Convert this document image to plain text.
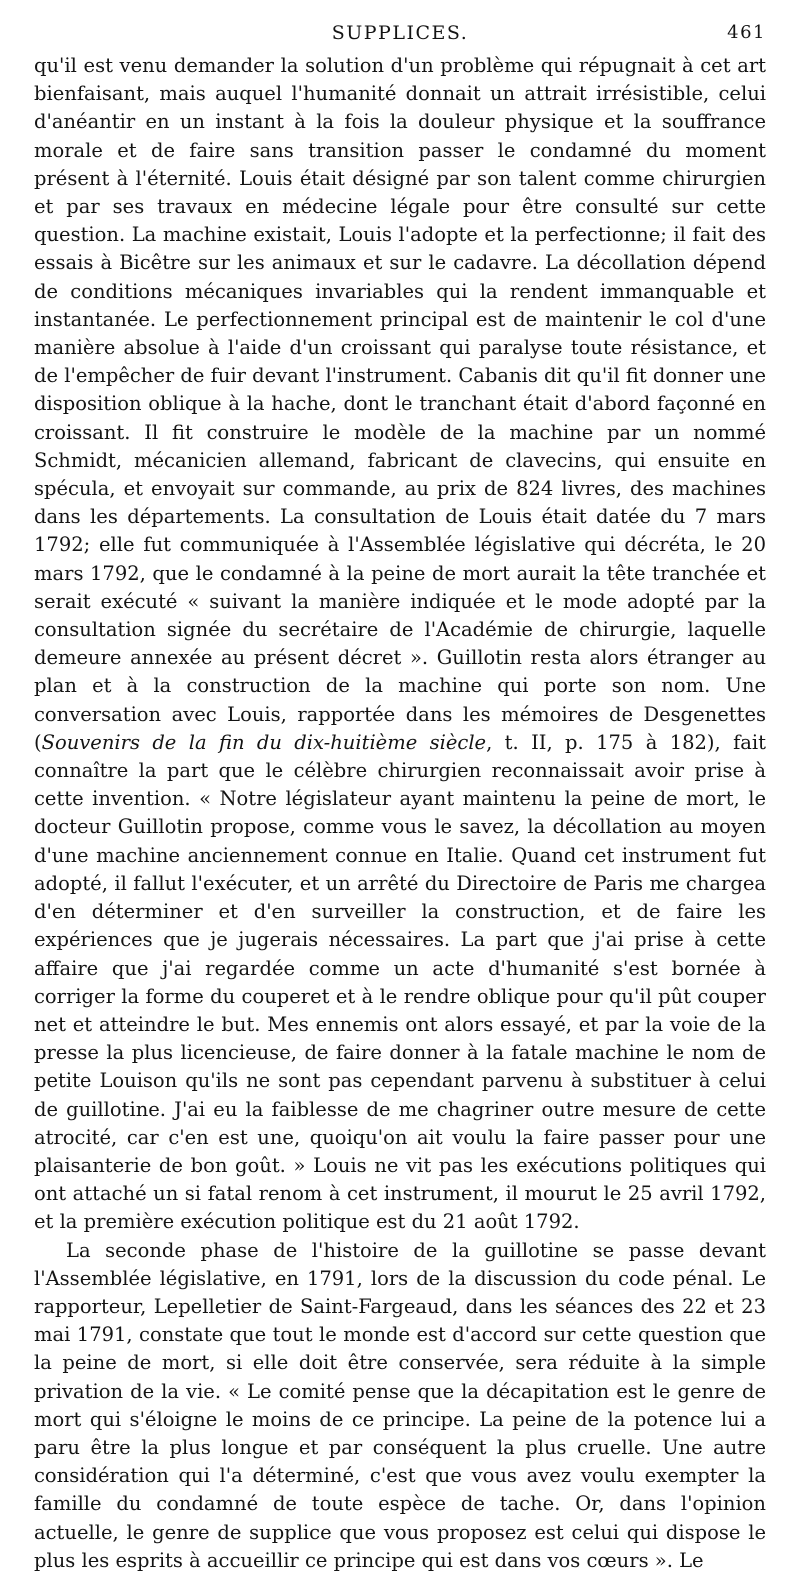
SUPPLICES.	461

qu'il est venu demander la solution d'un problème qui répugnait à cet art bienfaisant, mais auquel l'humanité donnait un attrait irrésistible, celui d'anéantir en un instant à la fois la douleur physique et la souffrance morale et de faire sans transition passer le condamné du moment présent à l'éternité. Louis était désigné par son talent comme chirurgien et par ses travaux en médecine légale pour être consulté sur cette question. La machine existait, Louis l'adopte et la perfectionne; il fait des essais à Bicêtre sur les animaux et sur le cadavre. La décollation dépend de conditions mécaniques invariables qui la rendent immanquable et instantanée. Le perfectionnement principal est de maintenir le col d'une manière absolue à l'aide d'un croissant qui paralyse toute résistance, et de l'empêcher de fuir devant l'instrument. Cabanis dit qu'il fit donner une disposition oblique à la hache, dont le tranchant était d'abord façonné en croissant. Il fit construire le modèle de la machine par un nommé Schmidt, mécanicien allemand, fabricant de clavecins, qui ensuite en spécula, et envoyait sur commande, au prix de 824 livres, des machines dans les départements. La consultation de Louis était datée du 7 mars 1792; elle fut communiquée à l'Assemblée législative qui décréta, le 20 mars 1792, que le condamné à la peine de mort aurait la tête tranchée et serait exécuté « suivant la manière indiquée et le mode adopté par la consultation signée du secrétaire de l'Académie de chirurgie, laquelle demeure annexée au présent décret ». Guillotin resta alors étranger au plan et à la construction de la machine qui porte son nom. Une conversation avec Louis, rapportée dans les mémoires de Desgenettes (Souvenirs de la fin du dix-huitième siècle, t. II, p. 175 à 182), fait connaître la part que le célèbre chirurgien reconnaissait avoir prise à cette invention. « Notre législateur ayant maintenu la peine de mort, le docteur Guillotin propose, comme vous le savez, la décollation au moyen d'une machine anciennement connue en Italie. Quand cet instrument fut adopté, il fallut l'exécuter, et un arrêté du Directoire de Paris me chargea d'en déterminer et d'en surveiller la construction, et de faire les expériences que je jugerais nécessaires. La part que j'ai prise à cette affaire que j'ai regardée comme un acte d'humanité s'est bornée à corriger la forme du couperet et à le rendre oblique pour qu'il pût couper net et atteindre le but. Mes ennemis ont alors essayé, et par la voie de la presse la plus licencieuse, de faire donner à la fatale machine le nom de petite Louison qu'ils ne sont pas cependant parvenu à substituer à celui de guillotine. J'ai eu la faiblesse de me chagriner outre mesure de cette atrocité, car c'en est une, quoiqu'on ait voulu la faire passer pour une plaisanterie de bon goût. » Louis ne vit pas les exécutions politiques qui ont attaché un si fatal renom à cet instrument, il mourut le 25 avril 1792, et la première exécution politique est du 21 août 1792.

La seconde phase de l'histoire de la guillotine se passe devant l'Assemblée législative, en 1791, lors de la discussion du code pénal. Le rapporteur, Lepelletier de Saint-Fargeaud, dans les séances des 22 et 23 mai 1791, constate que tout le monde est d'accord sur cette question que la peine de mort, si elle doit être conservée, sera réduite à la simple privation de la vie. « Le comité pense que la décapitation est le genre de mort qui s'éloigne le moins de ce principe. La peine de la potence lui a paru être la plus longue et par conséquent la plus cruelle. Une autre considération qui l'a déterminé, c'est que vous avez voulu exempter la famille du condamné de toute espèce de tache. Or, dans l'opinion actuelle, le genre de supplice que vous proposez est celui qui dispose le plus les esprits à accueillir ce principe qui est dans vos cœurs ». Le
